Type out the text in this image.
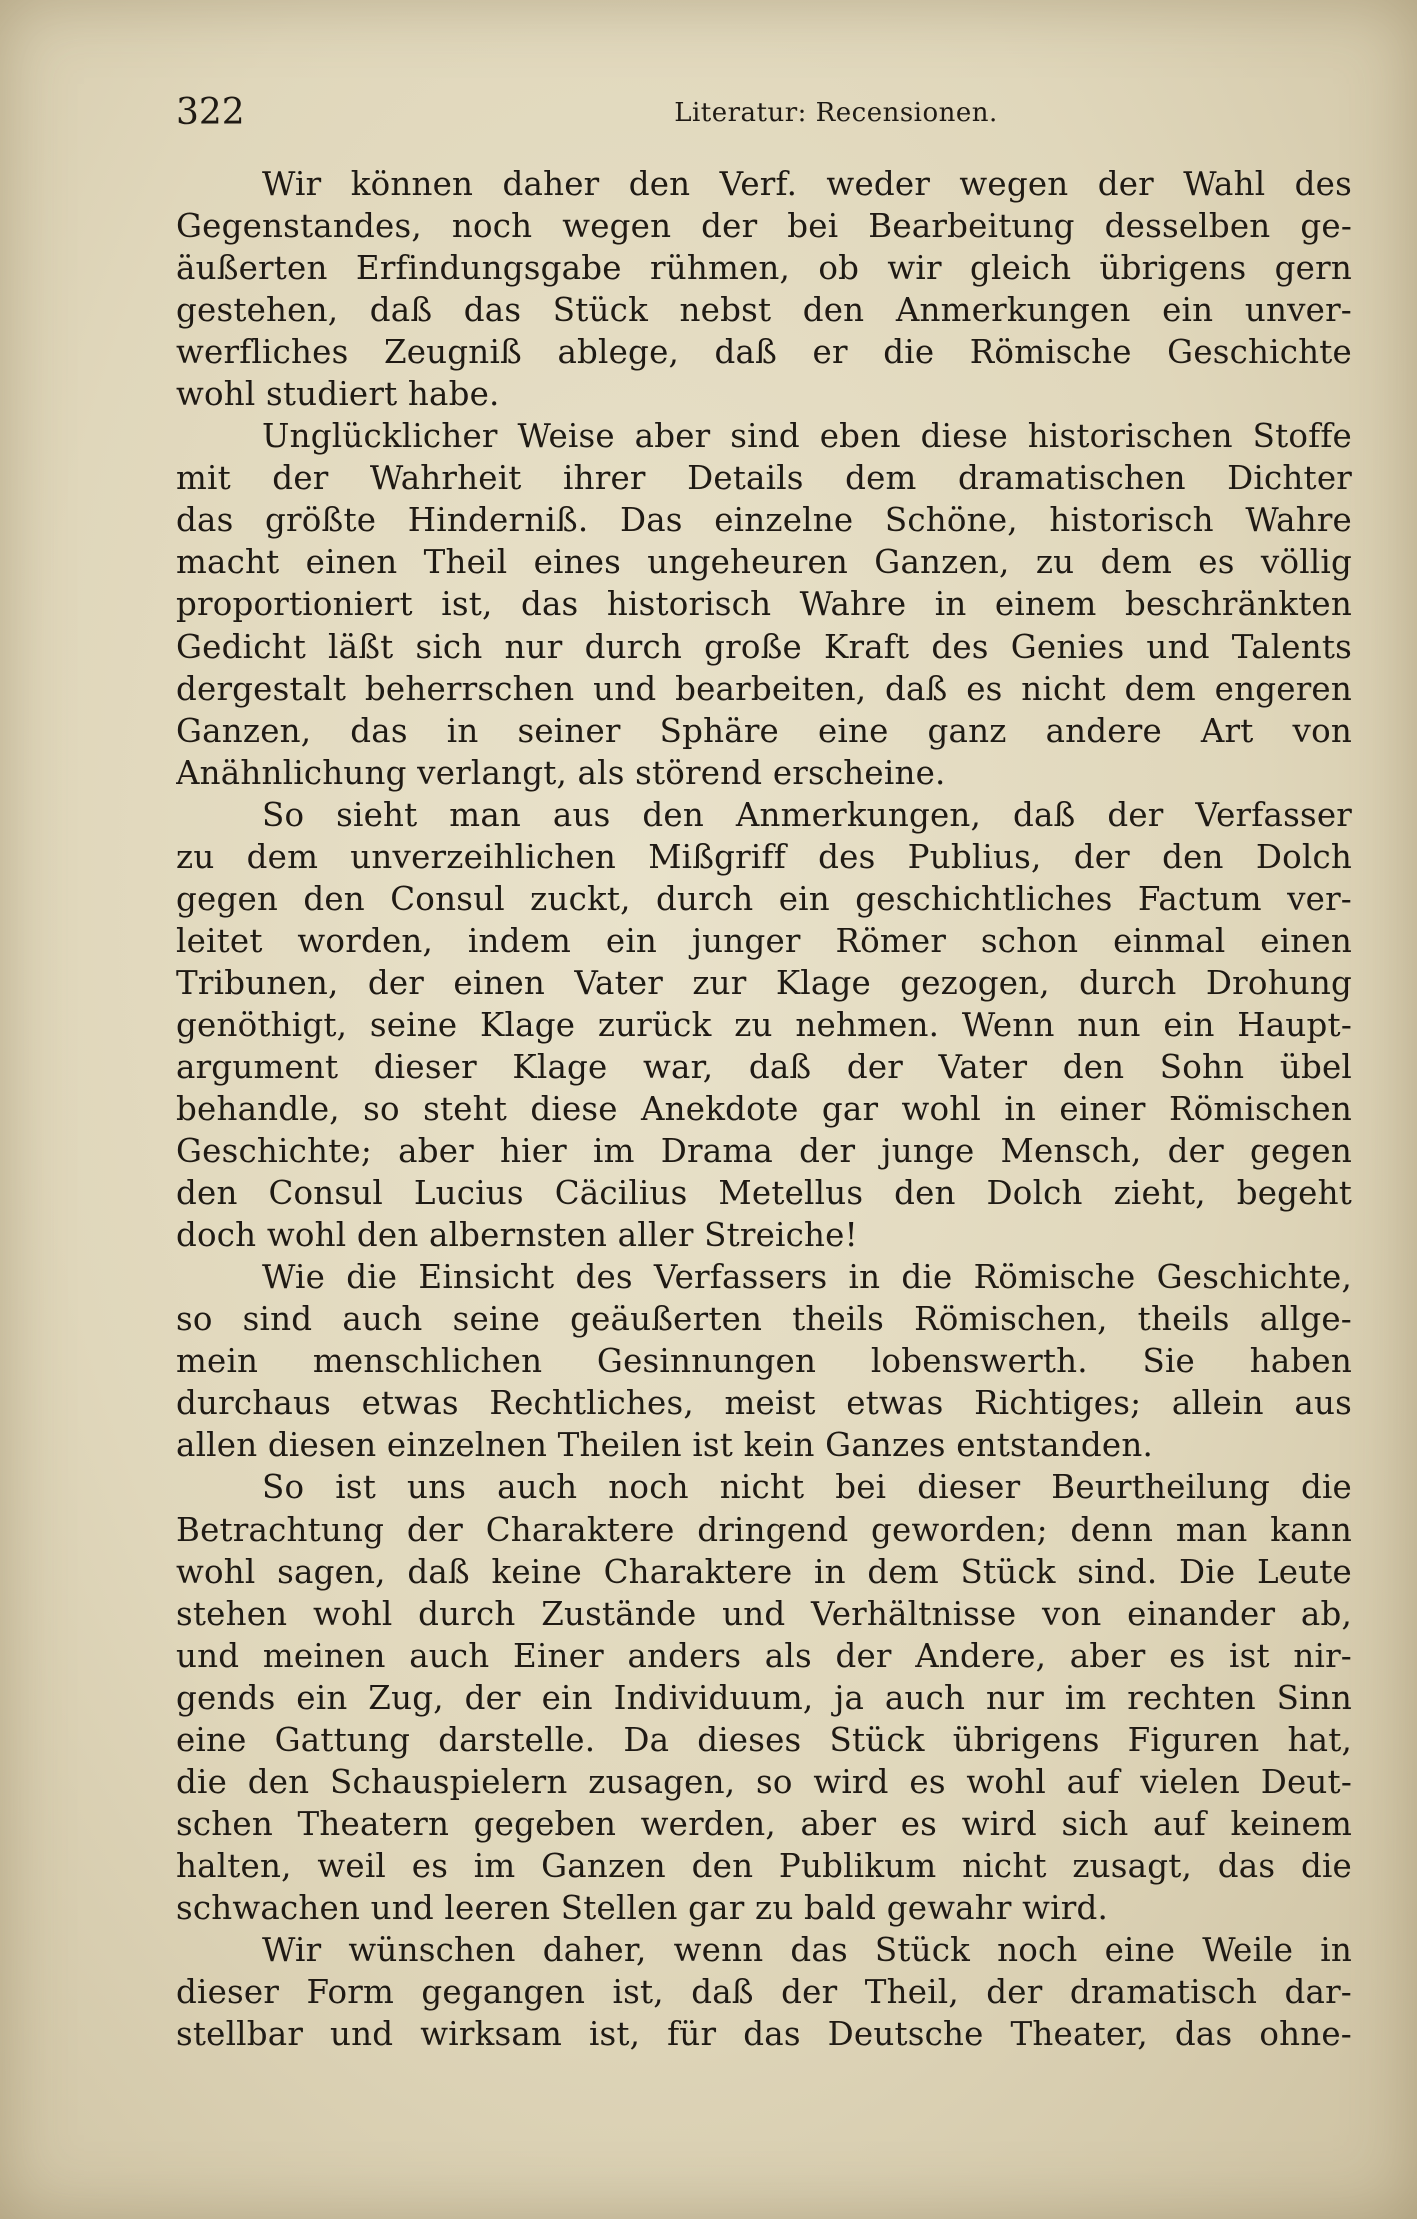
322	Literatur: Recensionen.
Wir können daher den Verf. weder wegen der Wahl des
Gegenstandes, noch wegen der bei Bearbeitung desselben ge-
äußerten Erfindungsgabe rühmen, ob wir gleich übrigens gern
gestehen, daß das Stück nebst den Anmerkungen ein unver-
werfliches Zeugniß ablege, daß er die Römische Geschichte
wohl studiert habe.
Unglücklicher Weise aber sind eben diese historischen Stoffe
mit der Wahrheit ihrer Details dem dramatischen Dichter
das größte Hinderniß. Das einzelne Schöne, historisch Wahre
macht einen Theil eines ungeheuren Ganzen, zu dem es völlig
proportioniert ist, das historisch Wahre in einem beschränkten
Gedicht läßt sich nur durch große Kraft des Genies und Talents
dergestalt beherrschen und bearbeiten, daß es nicht dem engeren
Ganzen, das in seiner Sphäre eine ganz andere Art von
Anähnlichung verlangt, als störend erscheine.
So sieht man aus den Anmerkungen, daß der Verfasser
zu dem unverzeihlichen Mißgriff des Publius, der den Dolch
gegen den Consul zuckt, durch ein geschichtliches Factum ver-
leitet worden, indem ein junger Römer schon einmal einen
Tribunen, der einen Vater zur Klage gezogen, durch Drohung
genöthigt, seine Klage zurück zu nehmen. Wenn nun ein Haupt-
argument dieser Klage war, daß der Vater den Sohn übel
behandle, so steht diese Anekdote gar wohl in einer Römischen
Geschichte; aber hier im Drama der junge Mensch, der gegen
den Consul Lucius Cäcilius Metellus den Dolch zieht, begeht
doch wohl den albernsten aller Streiche!
Wie die Einsicht des Verfassers in die Römische Geschichte,
so sind auch seine geäußerten theils Römischen, theils allge-
mein menschlichen Gesinnungen lobenswerth. Sie haben
durchaus etwas Rechtliches, meist etwas Richtiges; allein aus
allen diesen einzelnen Theilen ist kein Ganzes entstanden.
So ist uns auch noch nicht bei dieser Beurtheilung die
Betrachtung der Charaktere dringend geworden; denn man kann
wohl sagen, daß keine Charaktere in dem Stück sind. Die Leute
stehen wohl durch Zustände und Verhältnisse von einander ab,
und meinen auch Einer anders als der Andere, aber es ist nir-
gends ein Zug, der ein Individuum, ja auch nur im rechten Sinn
eine Gattung darstelle. Da dieses Stück übrigens Figuren hat,
die den Schauspielern zusagen, so wird es wohl auf vielen Deut-
schen Theatern gegeben werden, aber es wird sich auf keinem
halten, weil es im Ganzen den Publikum nicht zusagt, das die
schwachen und leeren Stellen gar zu bald gewahr wird.
Wir wünschen daher, wenn das Stück noch eine Weile in
dieser Form gegangen ist, daß der Theil, der dramatisch dar-
stellbar und wirksam ist, für das Deutsche Theater, das ohne-
